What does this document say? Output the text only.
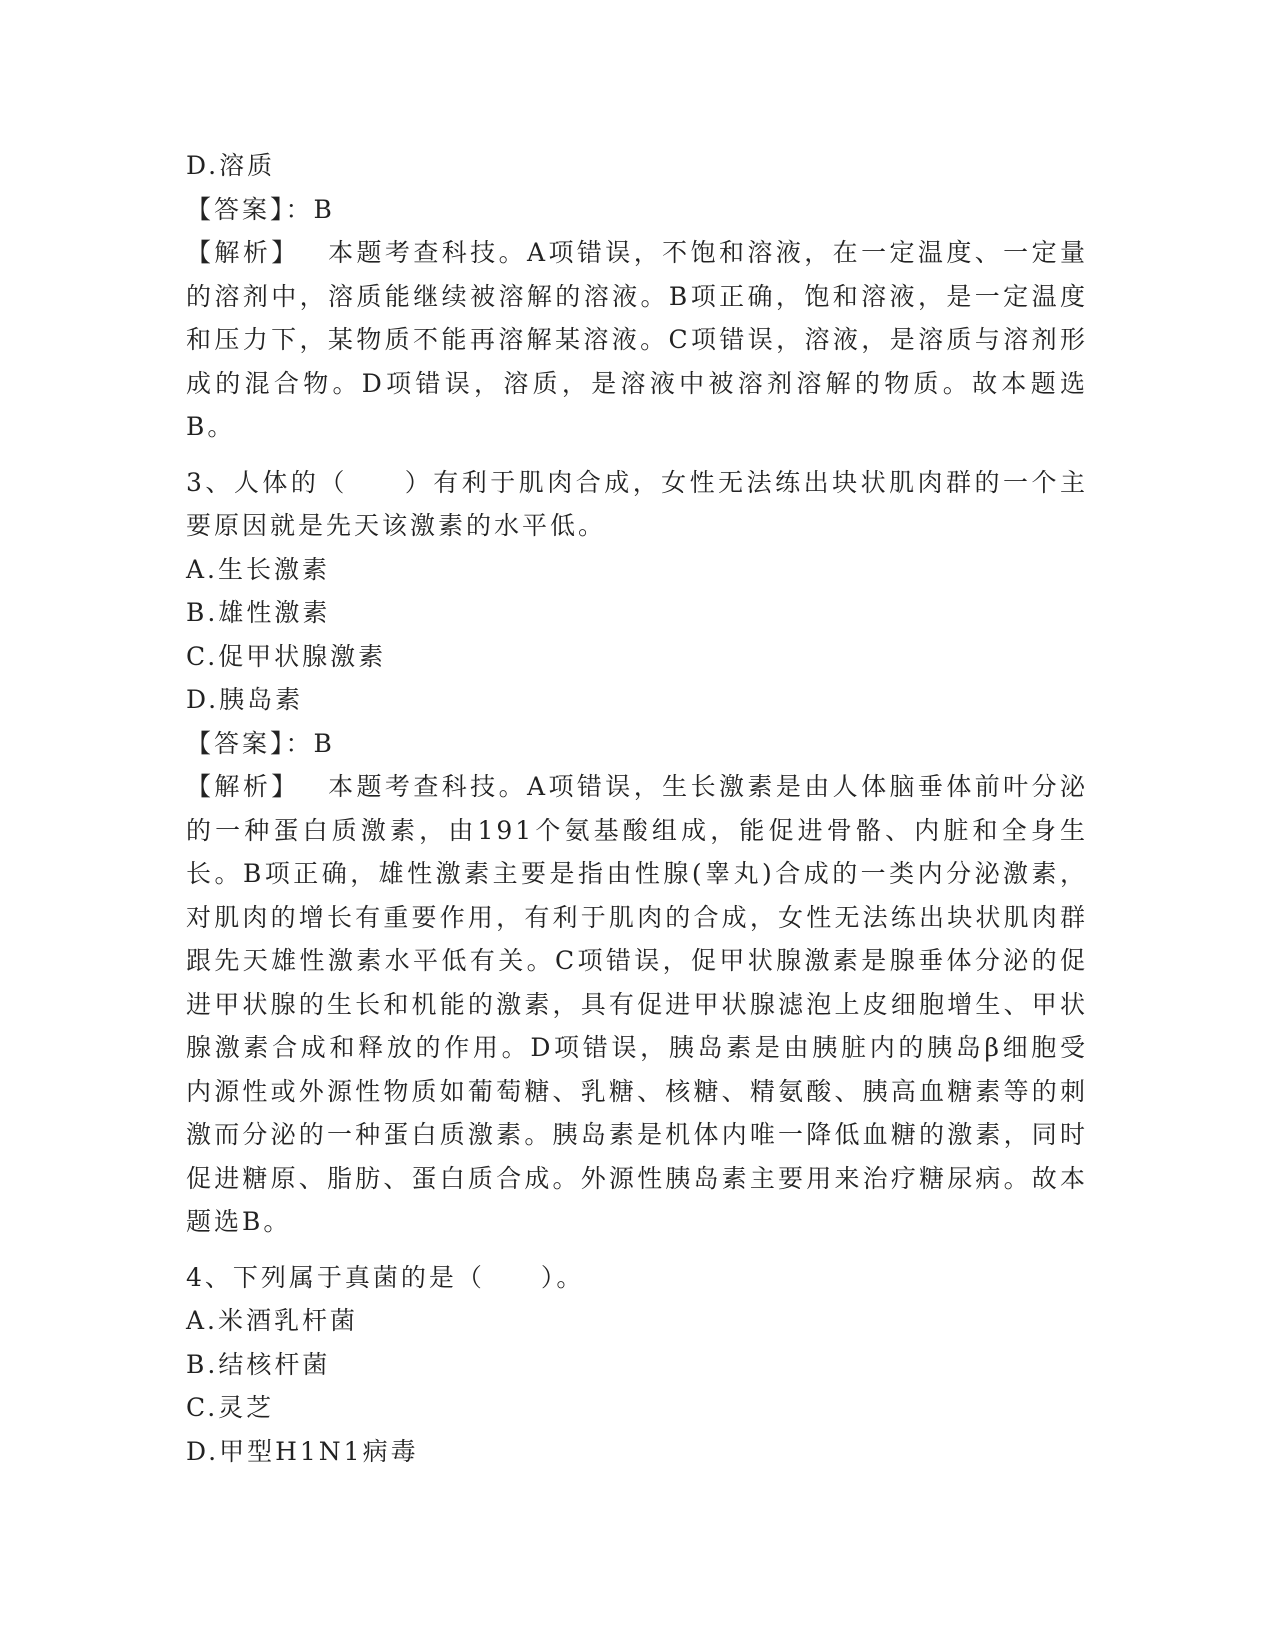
D.溶质
【答案】：B
【解析】 本题考查科技。A项错误，不饱和溶液，在一定温度、一定量的溶剂中，溶质能继续被溶解的溶液。B项正确，饱和溶液，是一定温度和压力下，某物质不能再溶解某溶液。C项错误，溶液，是溶质与溶剂形成的混合物。D项错误，溶质，是溶液中被溶剂溶解的物质。故本题选B。
3、人体的（　　）有利于肌肉合成，女性无法练出块状肌肉群的一个主要原因就是先天该激素的水平低。
A.生长激素
B.雄性激素
C.促甲状腺激素
D.胰岛素
【答案】：B
【解析】 本题考查科技。A项错误，生长激素是由人体脑垂体前叶分泌的一种蛋白质激素，由191个氨基酸组成，能促进骨骼、内脏和全身生长。B项正确，雄性激素主要是指由性腺(睾丸)合成的一类内分泌激素，对肌肉的增长有重要作用，有利于肌肉的合成，女性无法练出块状肌肉群跟先天雄性激素水平低有关。C项错误，促甲状腺激素是腺垂体分泌的促进甲状腺的生长和机能的激素，具有促进甲状腺滤泡上皮细胞增生、甲状腺激素合成和释放的作用。D项错误，胰岛素是由胰脏内的胰岛β细胞受内源性或外源性物质如葡萄糖、乳糖、核糖、精氨酸、胰高血糖素等的刺激而分泌的一种蛋白质激素。胰岛素是机体内唯一降低血糖的激素，同时促进糖原、脂肪、蛋白质合成。外源性胰岛素主要用来治疗糖尿病。故本题选B。
4、下列属于真菌的是（　　）。
A.米酒乳杆菌
B.结核杆菌
C.灵芝
D.甲型H1N1病毒
